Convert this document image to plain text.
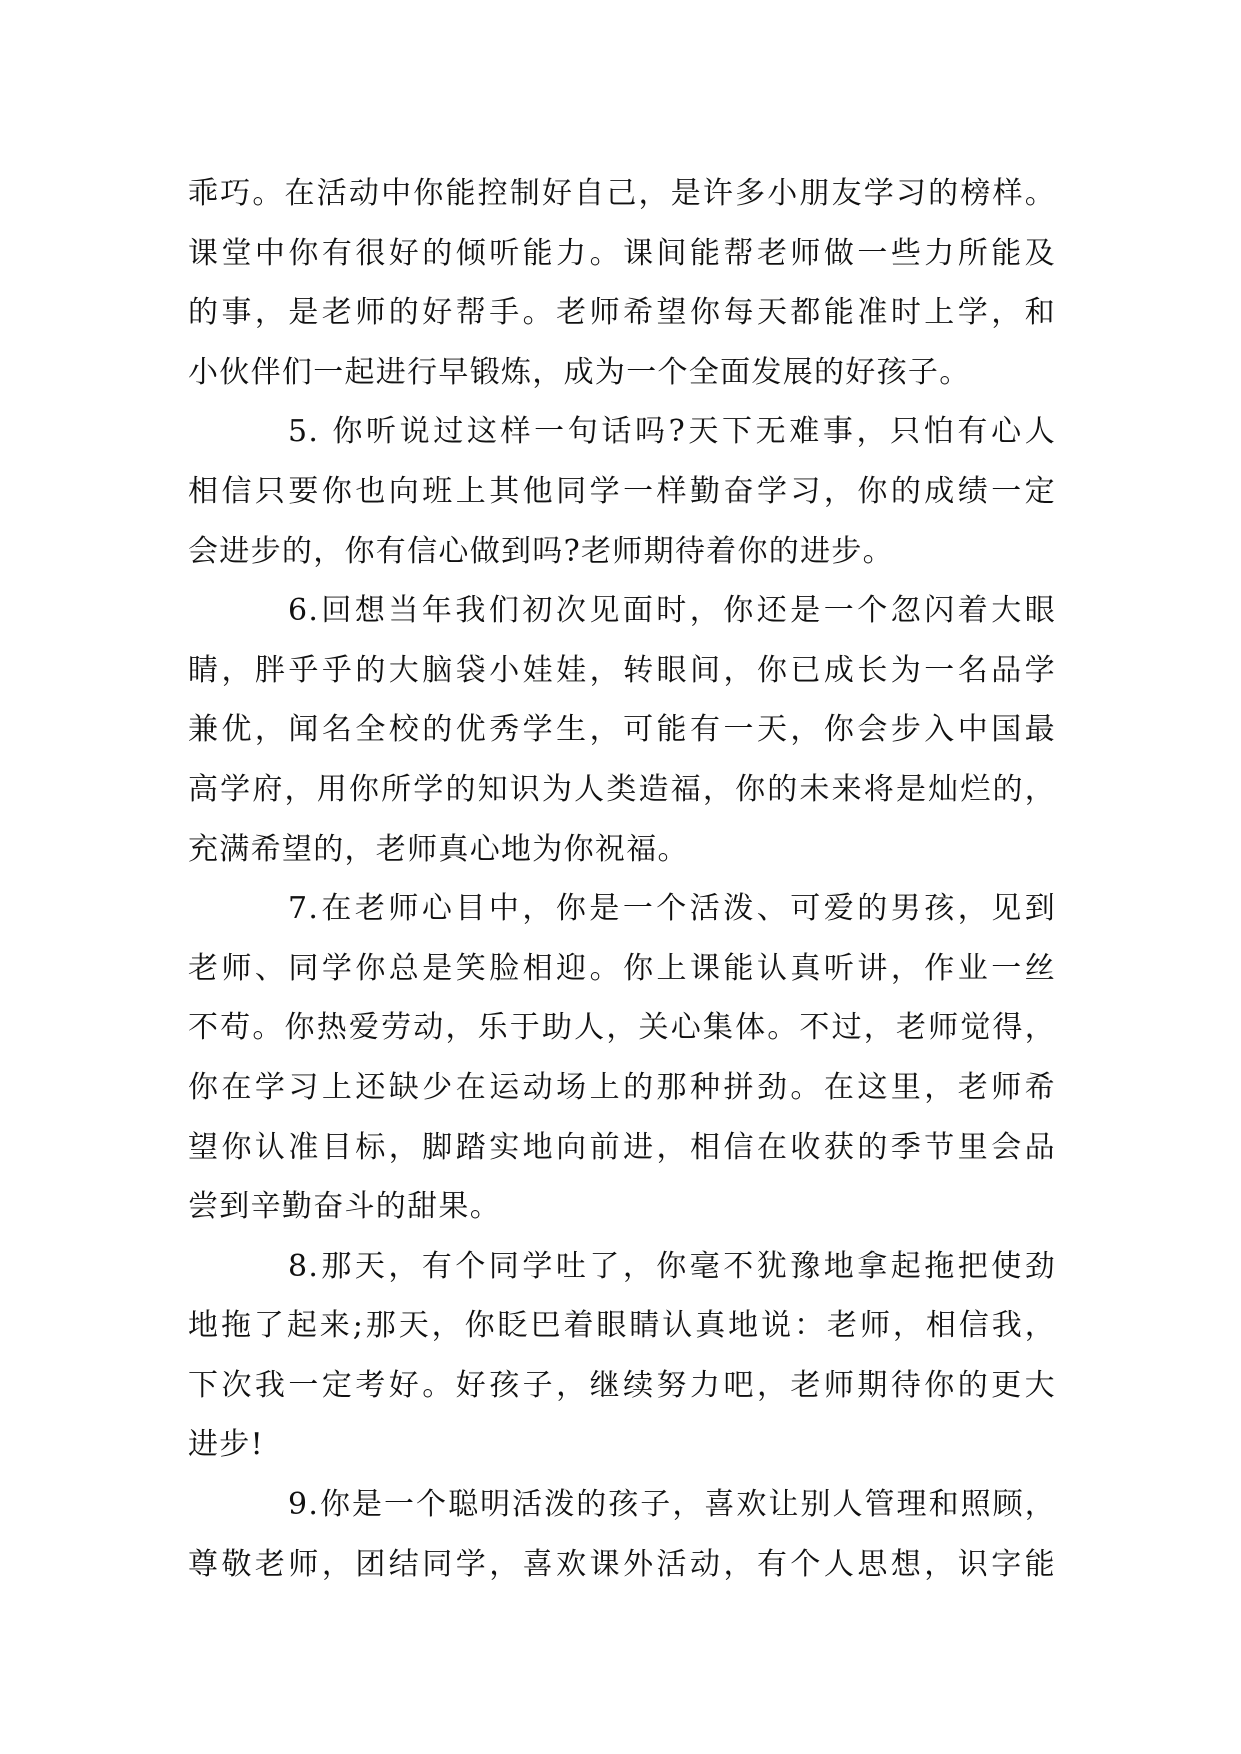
乖巧。在活动中你能控制好自己，是许多小朋友学习的榜样。
课堂中你有很好的倾听能力。课间能帮老师做一些力所能及
的事，是老师的好帮手。老师希望你每天都能准时上学，和
小伙伴们一起进行早锻炼，成为一个全面发展的好孩子。
5. 你听说过这样一句话吗?天下无难事，只怕有心人
相信只要你也向班上其他同学一样勤奋学习，你的成绩一定
会进步的，你有信心做到吗?老师期待着你的进步。
6.回想当年我们初次见面时，你还是一个忽闪着大眼
睛，胖乎乎的大脑袋小娃娃，转眼间，你已成长为一名品学
兼优，闻名全校的优秀学生，可能有一天，你会步入中国最
高学府，用你所学的知识为人类造福，你的未来将是灿烂的，
充满希望的，老师真心地为你祝福。
7.在老师心目中，你是一个活泼、可爱的男孩，见到
老师、同学你总是笑脸相迎。你上课能认真听讲，作业一丝
不苟。你热爱劳动，乐于助人，关心集体。不过，老师觉得，
你在学习上还缺少在运动场上的那种拼劲。在这里，老师希
望你认准目标，脚踏实地向前进，相信在收获的季节里会品
尝到辛勤奋斗的甜果。
8.那天，有个同学吐了，你毫不犹豫地拿起拖把使劲
地拖了起来;那天，你眨巴着眼睛认真地说：老师，相信我，
下次我一定考好。好孩子，继续努力吧，老师期待你的更大
进步!
9.你是一个聪明活泼的孩子，喜欢让别人管理和照顾，
尊敬老师，团结同学，喜欢课外活动，有个人思想，识字能
